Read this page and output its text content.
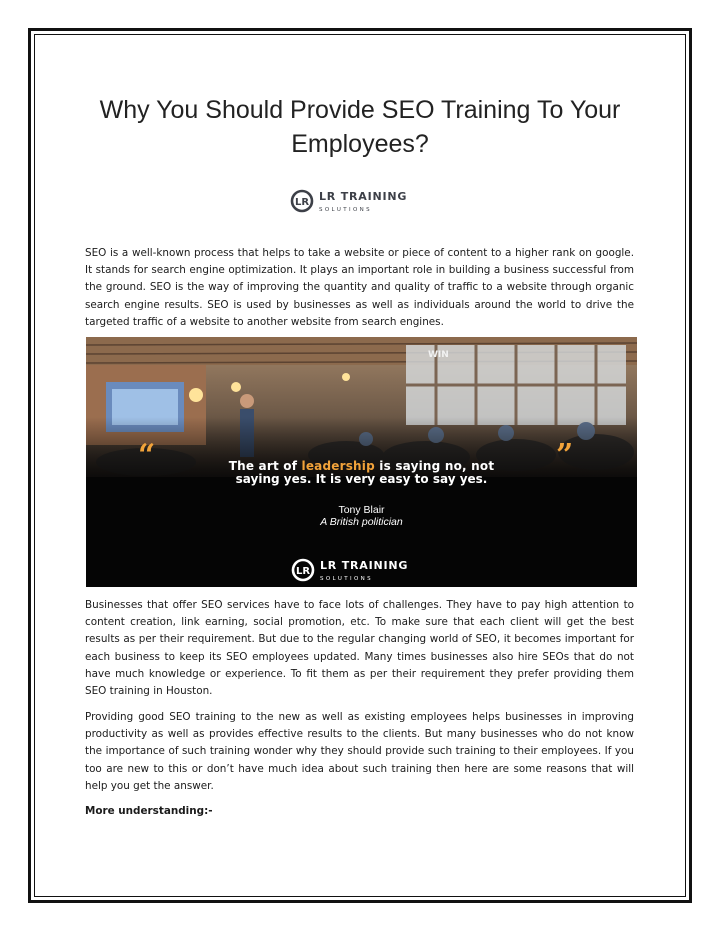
Why You Should Provide SEO Training To Your Employees?
LR LR TRAINING
S O L U T I O N S

SEO is a well-known process that helps to take a website or piece of content to a higher rank on google. It stands for search engine optimization. It plays an important role in building a business successful from the ground. SEO is the way of improving the quantity and quality of traffic to a website through organic search engine results. SEO is used by businesses as well as individuals around the world to drive the targeted traffic of a website to another website from search engines.

WIN
“	”
The art of leadership is saying no, not
saying yes. It is very easy to say yes.
Tony Blair
A British politician
LR LR TRAINING
S O L U T I O N S

Businesses that offer SEO services have to face lots of challenges. They have to pay high attention to content creation, link earning, social promotion, etc. To make sure that each client will get the best results as per their requirement. But due to the regular changing world of SEO, it becomes important for each business to keep its SEO employees updated. Many times businesses also hire SEOs that do not have much knowledge or experience. To fit them as per their requirement they prefer providing them SEO training in Houston.

Providing good SEO training to the new as well as existing employees helps businesses in improving productivity as well as provides effective results to the clients. But many businesses who do not know the importance of such training wonder why they should provide such training to their employees. If you too are new to this or don’t have much idea about such training then here are some reasons that will help you get the answer.

More understanding:-
